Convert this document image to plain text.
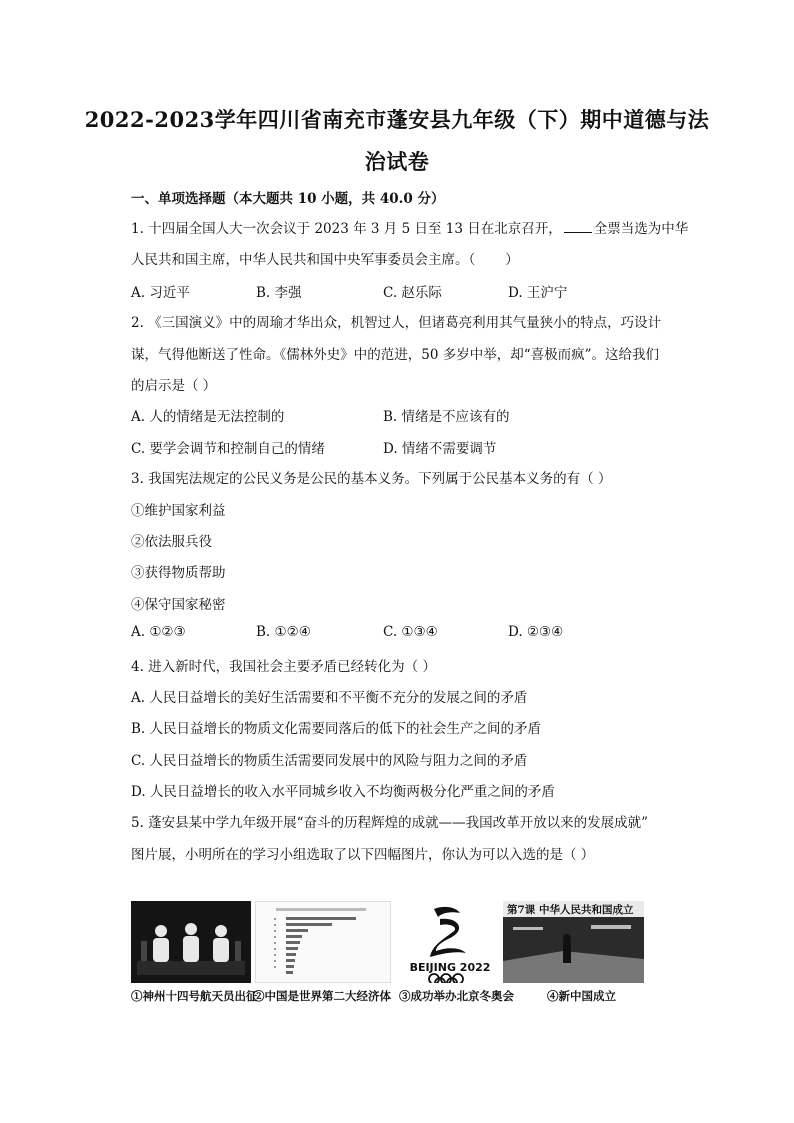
2022-2023学年四川省南充市蓬安县九年级（下）期中道德与法
治试卷
一、单项选择题（本大题共 10 小题，共 40.0 分）
1. 十四届全国人大一次会议于 2023 年 3 月 5 日至 13 日在北京召开， 全票当选为中华
人民共和国主席，中华人民共和国中央军事委员会主席。（ ）
A. 习近平	B. 李强	C. 赵乐际	D. 王沪宁
2. 《三国演义》中的周瑜才华出众，机智过人，但诸葛亮利用其气量狭小的特点，巧设计
谋，气得他断送了性命。《儒林外史》中的范进，50 多岁中举，却“喜极而疯”。这给我们
的启示是（ ）
A. 人的情绪是无法控制的	B. 情绪是不应该有的
C. 要学会调节和控制自己的情绪	D. 情绪不需要调节
3. 我国宪法规定的公民义务是公民的基本义务。下列属于公民基本义务的有（ ）
①维护国家利益
②依法服兵役
③获得物质帮助
④保守国家秘密
A. ①②③	B. ①②④	C. ①③④	D. ②③④
4. 进入新时代，我国社会主要矛盾已经转化为（ ）
A. 人民日益增长的美好生活需要和不平衡不充分的发展之间的矛盾
B. 人民日益增长的物质文化需要同落后的低下的社会生产之间的矛盾
C. 人民日益增长的物质生活需要同发展中的风险与阻力之间的矛盾
D. 人民日益增长的收入水平同城乡收入不均衡两极分化严重之间的矛盾
5. 蓬安县某中学九年级开展“奋斗的历程辉煌的成就——我国改革开放以来的发展成就”
图片展，小明所在的学习小组选取了以下四幅图片，你认为可以入选的是（ ）
BEIJING 2022
第7课 中华人民共和国成立
①神州十四号航天员出征
②中国是世界第二大经济体 ③成功举办北京冬奥会	④新中国成立
